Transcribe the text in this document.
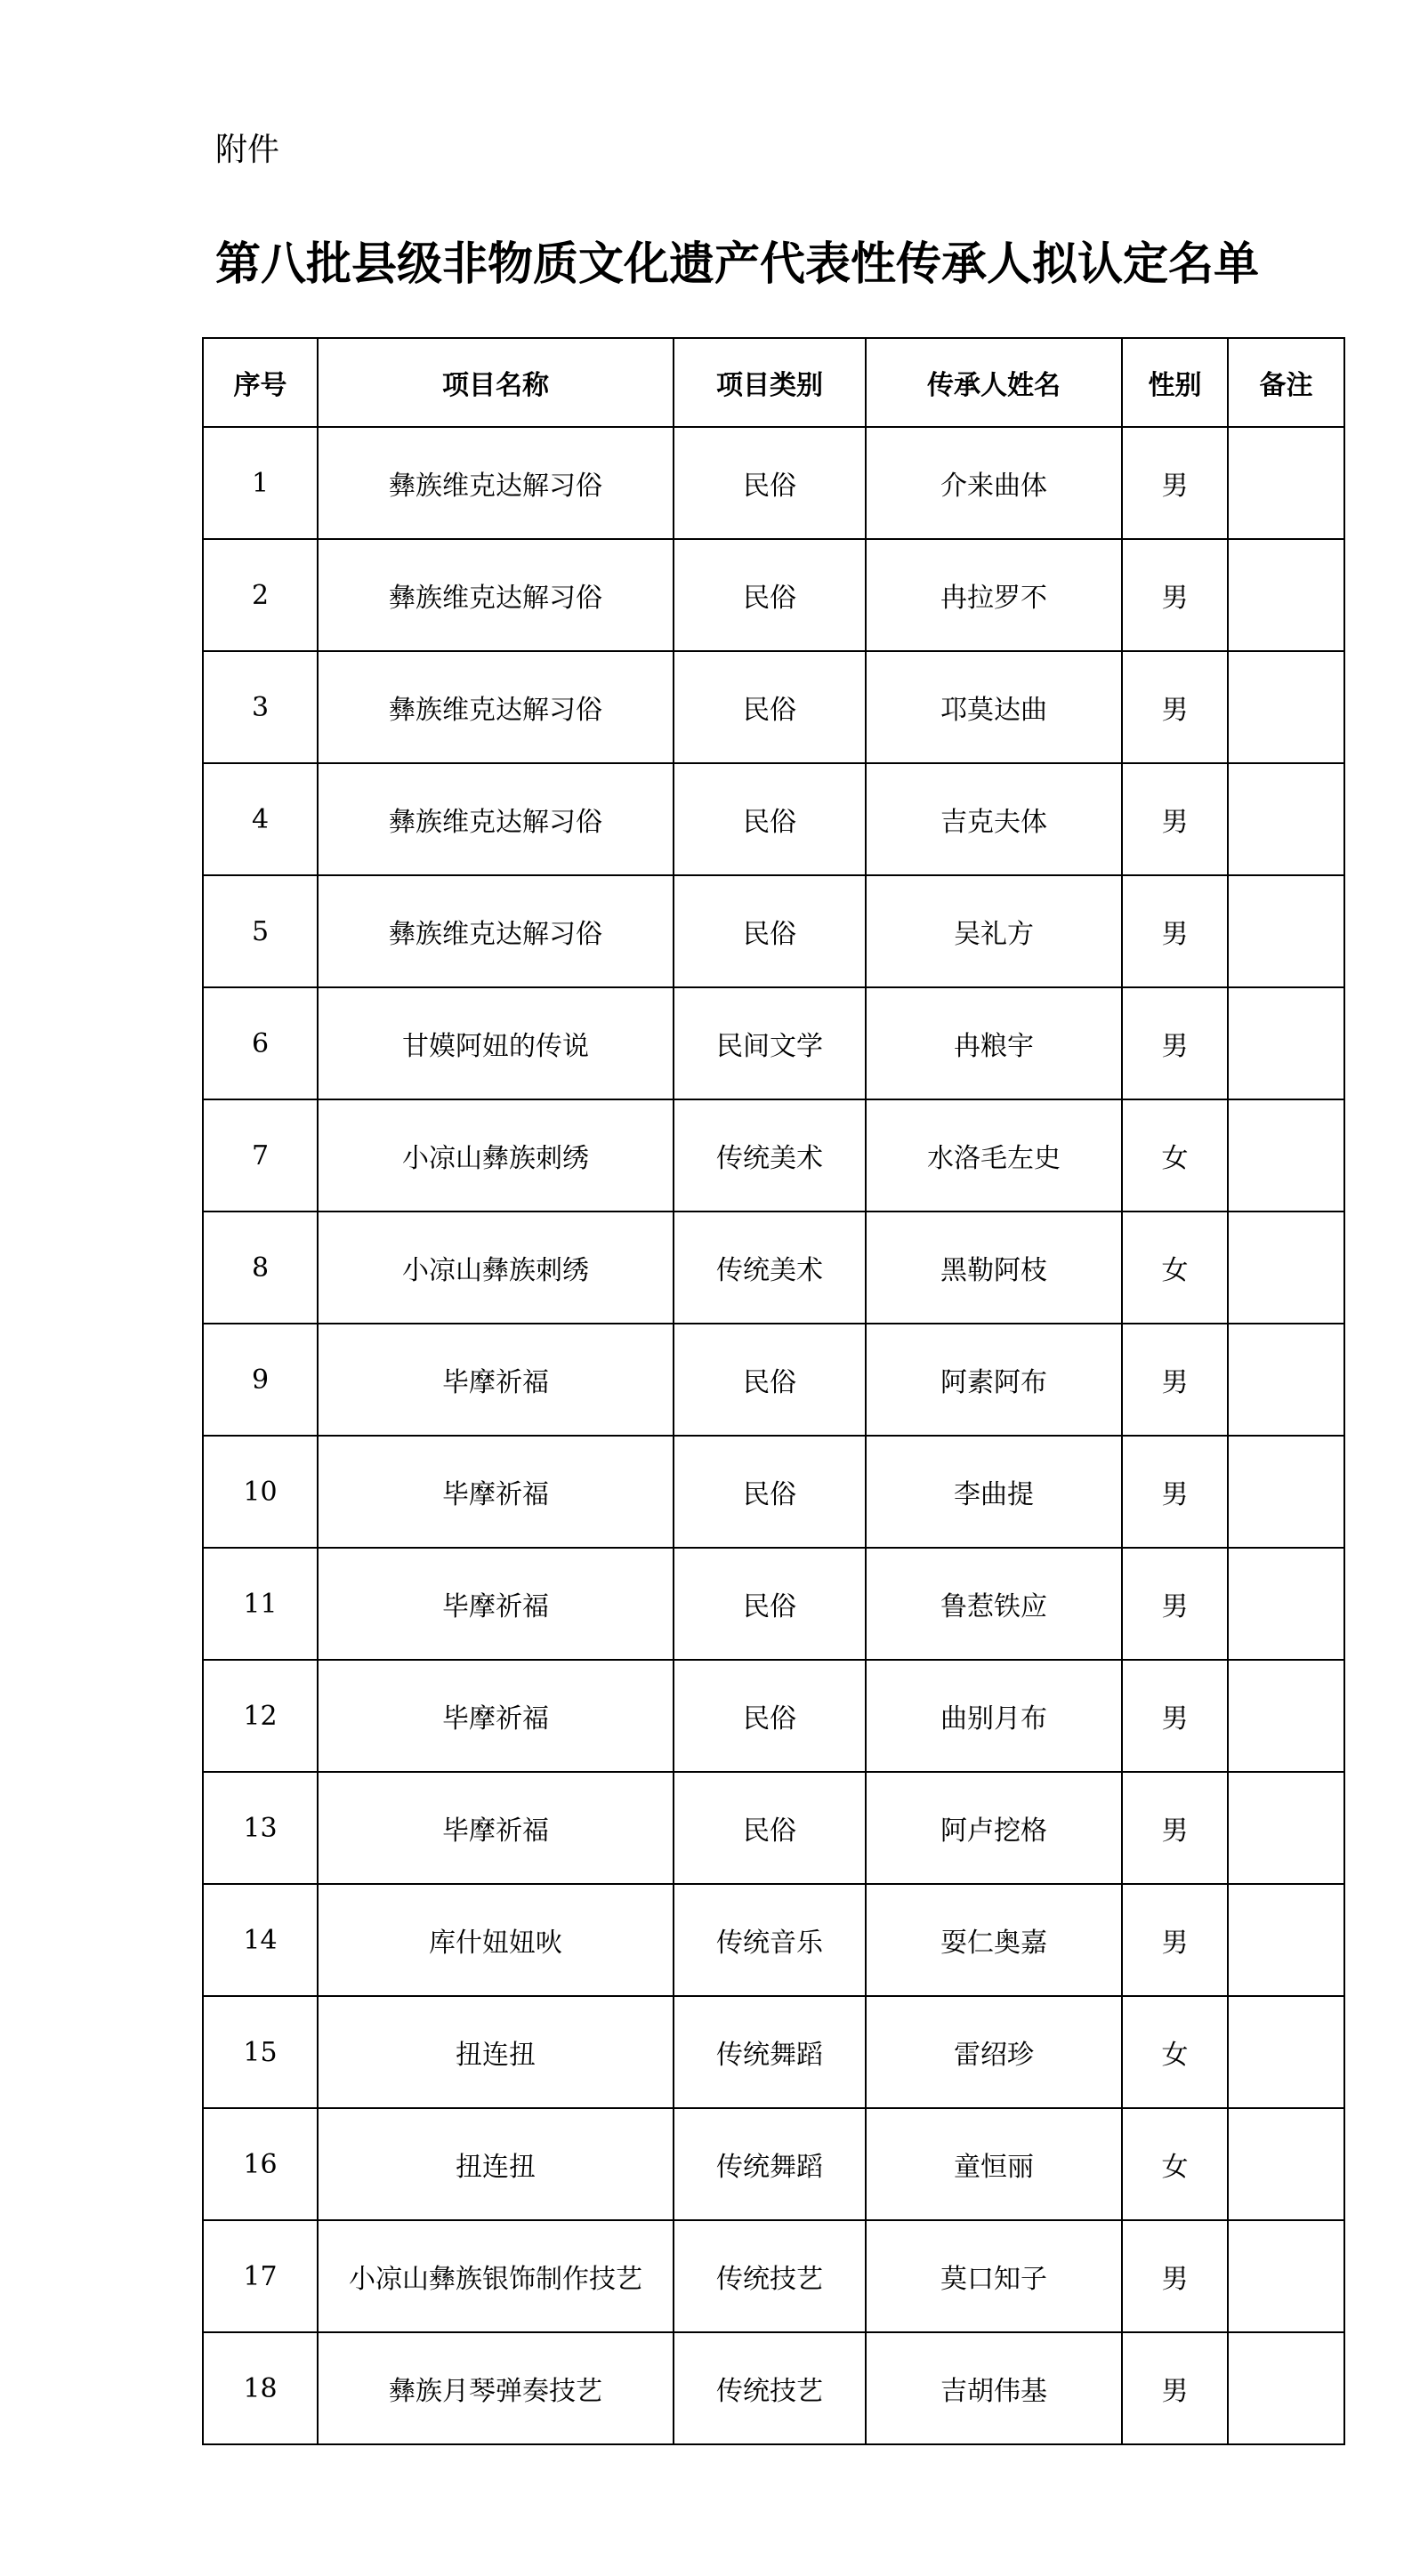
附件
第八批县级非物质文化遗产代表性传承人拟认定名单
序号	项目名称	项目类别	传承人姓名	性别	备注
1	彝族维克达解习俗	民俗	介来曲体	男	
2	彝族维克达解习俗	民俗	冉拉罗不	男	
3	彝族维克达解习俗	民俗	邛莫达曲	男	
4	彝族维克达解习俗	民俗	吉克夫体	男	
5	彝族维克达解习俗	民俗	吴礼方	男	
6	甘嫫阿妞的传说	民间文学	冉粮宇	男	
7	小凉山彝族刺绣	传统美术	水洛毛左史	女	
8	小凉山彝族刺绣	传统美术	黑勒阿枝	女	
9	毕摩祈福	民俗	阿素阿布	男	
10	毕摩祈福	民俗	李曲提	男	
11	毕摩祈福	民俗	鲁惹铁应	男	
12	毕摩祈福	民俗	曲别月布	男	
13	毕摩祈福	民俗	阿卢挖格	男	
14	库什妞妞吙	传统音乐	耍仁奥嘉	男	
15	扭连扭	传统舞蹈	雷绍珍	女	
16	扭连扭	传统舞蹈	童恒丽	女	
17	小凉山彝族银饰制作技艺	传统技艺	莫口知子	男	
18	彝族月琴弹奏技艺	传统技艺	吉胡伟基	男	
